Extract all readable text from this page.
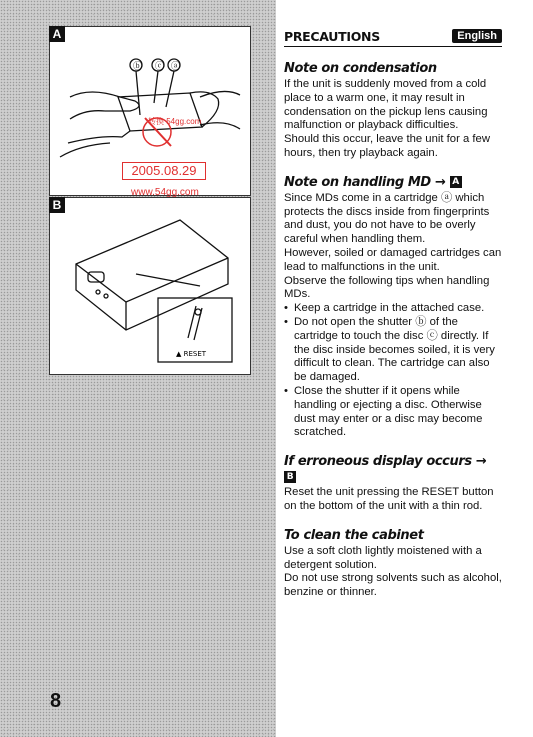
A
ⓑ ⓒ ⓐ
B
▲ RESET
转换 54gg.com
2005.08.29
www.54gg.com
8
PRECAUTIONS	English
Note on condensation

If the unit is suddenly moved from a cold place to a warm one, it may result in condensation on the pickup lens causing malfunction or playback difficulties.

Should this occur, leave the unit for a few hours, then try playback again.

Note on handling MD → A

Since MDs come in a cartridge ⓐ which protects the discs inside from fingerprints and dust, you do not have to be overly careful when handling them.

However, soiled or damaged cartridges can lead to malfunctions in the unit.

Observe the following tips when handling MDs.

• Keep a cartridge in the attached case.
• Do not open the shutter ⓑ of the cartridge to touch the disc ⓒ directly. If the disc inside becomes soiled, it is very difficult to clean. The cartridge can also be damaged.
• Close the shutter if it opens while handling or ejecting a disc. Otherwise dust may enter or a disc may become scratched.
If erroneous display occurs → B

Reset the unit pressing the RESET button on the bottom of the unit with a thin rod.

To clean the cabinet

Use a soft cloth lightly moistened with a detergent solution.

Do not use strong solvents such as alcohol, benzine or thinner.
